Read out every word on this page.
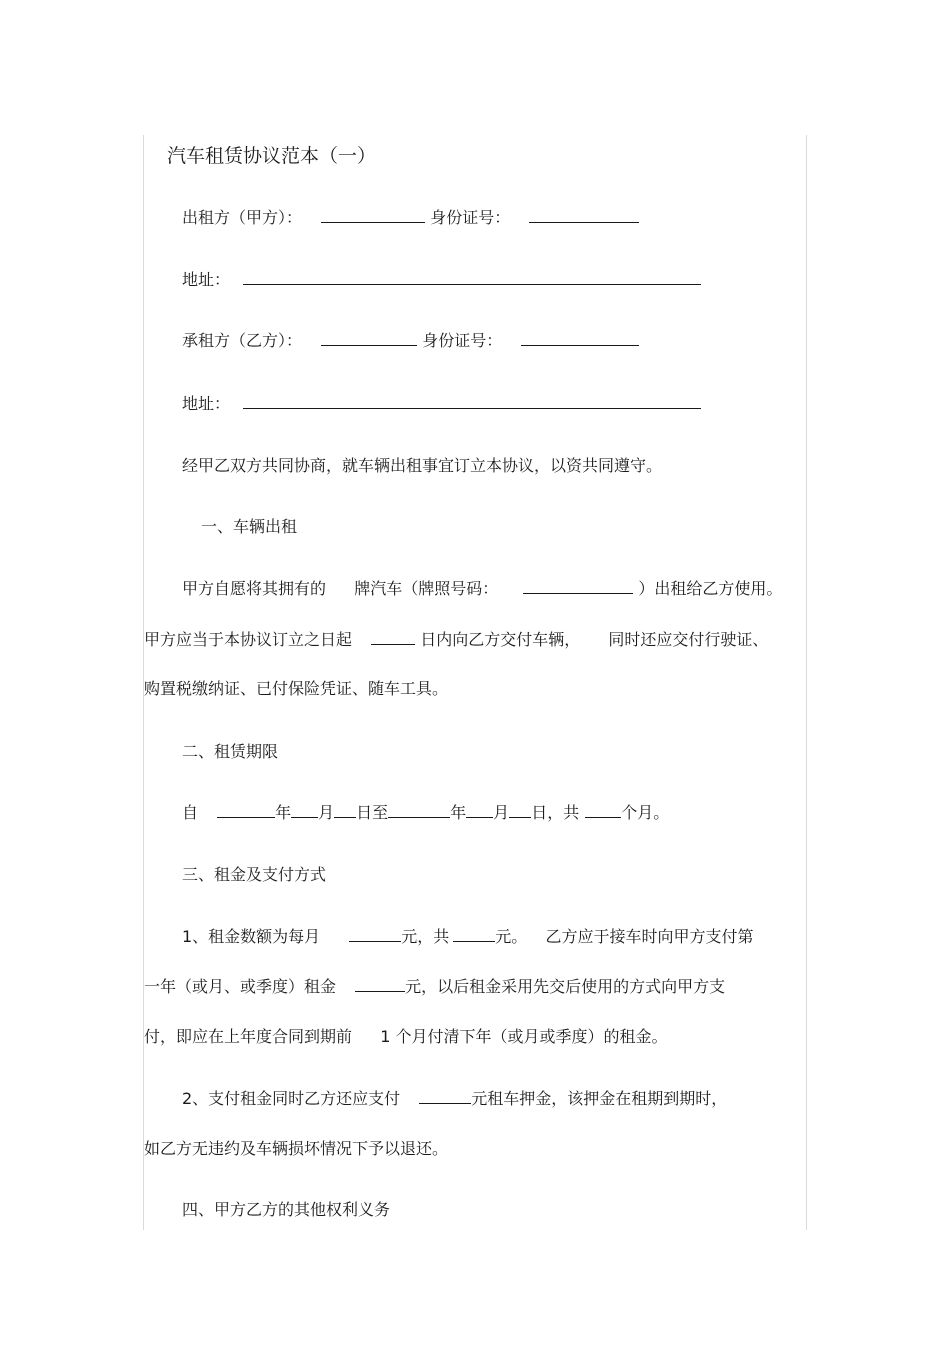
汽车租赁协议范本（一）
出租方（甲方）：	身份证号：
地址：
承租方（乙方）：	身份证号：
地址：
经甲乙双方共同协商，就车辆出租事宜订立本协议，以资共同遵守。
一、车辆出租
甲方自愿将其拥有的 牌汽车（牌照号码：	）出租给乙方使用。
甲方应当于本协议订立之日起	日内向乙方交付车辆， 同时还应交付行驶证、
购置税缴纳证、已付保险凭证、随车工具。
二、租赁期限
自	年 月 日至	年 月 日，共	个月。
三、租金及支付方式
1、租金数额为每月	元，共	元。 乙方应于接车时向甲方支付第
一年（或月、或季度）租金	元，以后租金采用先交后使用的方式向甲方支
付，即应在上年度合同到期前 1 个月付清下年（或月或季度）的租金。
2、支付租金同时乙方还应支付	元租车押金，该押金在租期到期时，
如乙方无违约及车辆损坏情况下予以退还。
四、甲方乙方的其他权利义务
